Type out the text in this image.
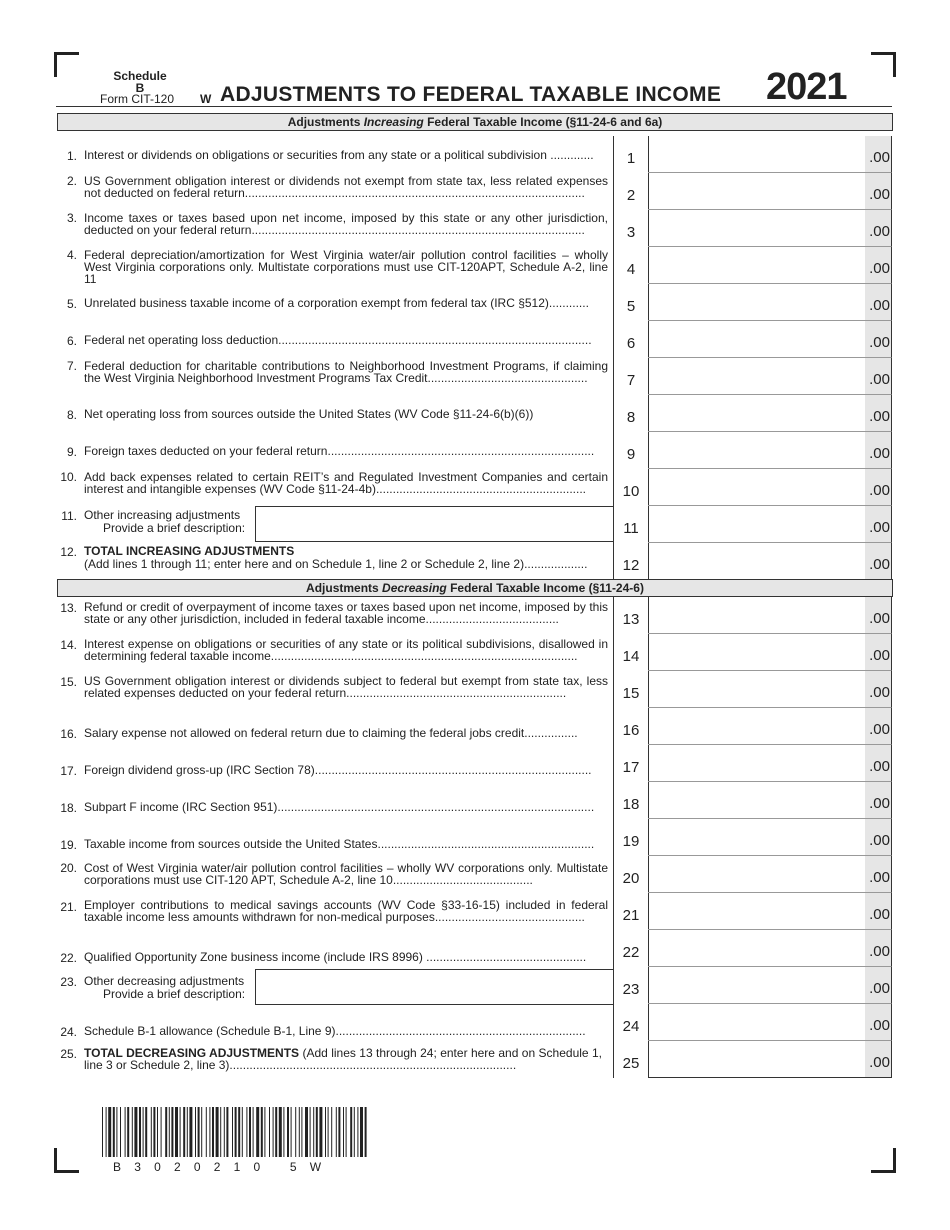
Schedule
B
Form CIT-120 W ADJUSTMENTS TO FEDERAL TAXABLE INCOME 2021
Adjustments Increasing Federal Taxable Income (§11-24-6 and 6a)
1. Interest or dividends on obligations or securities from any state or a political subdivision .............	1	.00
2. US Government obligation interest or dividends not exempt from state tax, less related expenses not deducted on federal return......................................................................................................	2	.00
3. Income taxes or taxes based upon net income, imposed by this state or any other jurisdiction, deducted on your federal return....................................................................................................	3	.00
4. Federal depreciation/amortization for West Virginia water/air pollution control facilities – wholly West Virginia corporations only. Multistate corporations must use CIT-120APT, Schedule A-2, line 11
4	.00
5. Unrelated business taxable income of a corporation exempt from federal tax (IRC §512)............	5	.00
6. Federal net operating loss deduction..............................................................................................	6	.00
7. Federal deduction for charitable contributions to Neighborhood Investment Programs, if claiming the West Virginia Neighborhood Investment Programs Tax Credit................................................	7	.00
8. Net operating loss from sources outside the United States (WV Code §11-24-6(b)(6))	8	.00
9. Foreign taxes deducted on your federal return................................................................................	9	.00
10. Add back expenses related to certain REIT’s and Regulated Investment Companies and certain interest and intangible expenses (WV Code §11-24-4b)...............................................................	10	.00
11. Other increasing adjustments
Provide a brief description:	11	.00
12. TOTAL INCREASING ADJUSTMENTS
(Add lines 1 through 11; enter here and on Schedule 1, line 2 or Schedule 2, line 2)...................	12	.00
Adjustments Decreasing Federal Taxable Income (§11-24-6)
13. Refund or credit of overpayment of income taxes or taxes based upon net income, imposed by this state or any other jurisdiction, included in federal taxable income........................................	13	.00
14. Interest expense on obligations or securities of any state or its political subdivisions, disallowed in determining federal taxable income............................................................................................	14	.00
15. US Government obligation interest or dividends subject to federal but exempt from state tax, less related expenses deducted on your federal return..................................................................	15	.00
16. Salary expense not allowed on federal return due to claiming the federal jobs credit................	16	.00
17. Foreign dividend gross-up (IRC Section 78)...................................................................................	17	.00
18. Subpart F income (IRC Section 951)...............................................................................................	18	.00
19. Taxable income from sources outside the United States.................................................................	19	.00
20. Cost of West Virginia water/air pollution control facilities – wholly WV corporations only. Multistate corporations must use CIT-120 APT, Schedule A-2, line 10..........................................	20	.00
21. Employer contributions to medical savings accounts (WV Code §33-16-15) included in federal taxable income less amounts withdrawn for non-medical purposes.............................................	21	.00
22. Qualified Opportunity Zone business income (include IRS 8996) ................................................	22	.00
23. Other decreasing adjustments
Provide a brief description:	23	.00
24. Schedule B-1 allowance (Schedule B-1, Line 9)...........................................................................	24	.00
25. TOTAL DECREASING ADJUSTMENTS (Add lines 13 through 24; enter here and on Schedule 1, line 3 or Schedule 2, line 3)......................................................................................	25	.00
B3020210 5W
